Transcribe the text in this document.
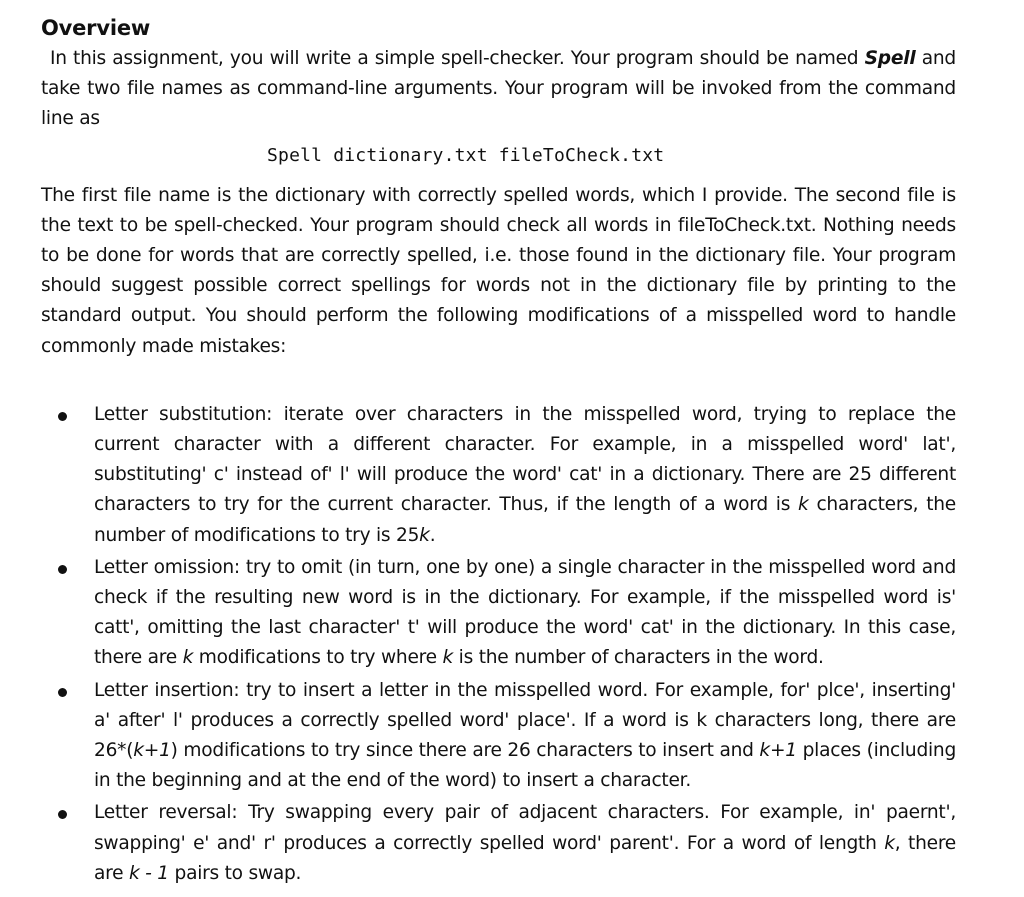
Overview

In this assignment, you will write a simple spell-checker. Your program should be named Spell and take two file names as command-line arguments. Your program will be invoked from the command line as

Spell dictionary.txt fileToCheck.txt

The first file name is the dictionary with correctly spelled words, which I provide. The second file is the text to be spell-checked. Your program should check all words in fileToCheck.txt. Nothing needs to be done for words that are correctly spelled, i.e. those found in the dictionary file. Your program should suggest possible correct spellings for words not in the dictionary file by printing to the standard output. You should perform the following modifications of a misspelled word to handle commonly made mistakes:

Letter substitution: iterate over characters in the misspelled word, trying to replace the current character with a different character. For example, in a misspelled word' lat', substituting' c' instead of' l' will produce the word' cat' in a dictionary. There are 25 different characters to try for the current character. Thus, if the length of a word is k characters, the number of modifications to try is 25k.
Letter omission: try to omit (in turn, one by one) a single character in the misspelled word and check if the resulting new word is in the dictionary. For example, if the misspelled word is' catt', omitting the last character' t' will produce the word' cat' in the dictionary. In this case, there are k modifications to try where k is the number of characters in the word.
Letter insertion: try to insert a letter in the misspelled word. For example, for' plce', inserting' a' after' l' produces a correctly spelled word' place'. If a word is k characters long, there are 26*(k+1) modifications to try since there are 26 characters to insert and k+1 places (including in the beginning and at the end of the word) to insert a character.
Letter reversal: Try swapping every pair of adjacent characters. For example, in' paernt', swapping' e' and' r' produces a correctly spelled word' parent'. For a word of length k, there are k - 1 pairs to swap.
